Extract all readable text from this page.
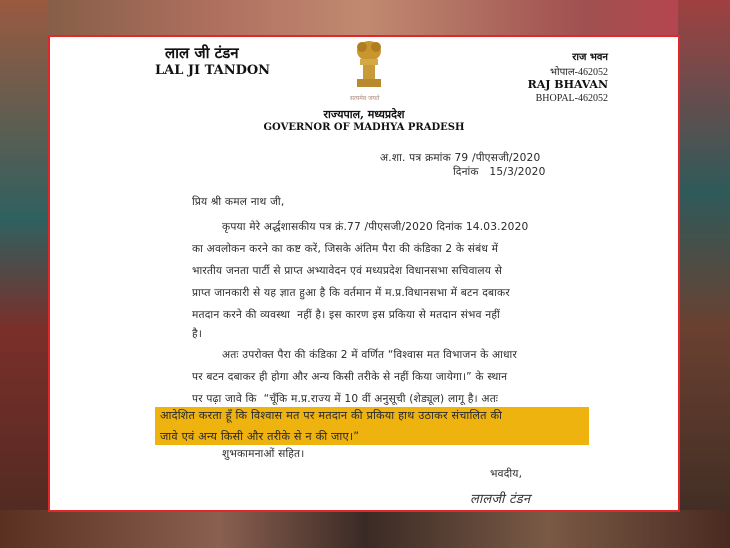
लाल जी टंडन
LAL JI TANDON
सत्यमेव जयते
राज भवन
भोपाल-462052
RAJ BHAVAN
BHOPAL-462052
राज्यपाल, मध्यप्रदेश
GOVERNOR OF MADHYA PRADESH
अ.शा. पत्र क्रमांक 79 /पीएसजी/2020
दिनांक   15/3/2020
प्रिय श्री कमल नाथ जी,
कृपया मेरे अर्द्धशासकीय पत्र क्रं.77 /पीएसजी/2020 दिनांक 14.03.2020
का अवलोकन करने का कष्ट करें, जिसके अंतिम पैरा की कंडिका 2 के संबंध में
भारतीय जनता पार्टी से प्राप्त अभ्यावेदन एवं मध्यप्रदेश विधानसभा सचिवालय से
प्राप्त जानकारी से यह ज्ञात हुआ है कि वर्तमान में म.प्र.विधानसभा में बटन दबाकर
मतदान करने की व्यवस्था  नहीं है। इस कारण इस प्रकिया से मतदान संभव नहीं
है।
अतः उपरोक्त पैरा की कंडिका 2 में वर्णित “विश्वास मत विभाजन के आधार
पर बटन दबाकर ही होगा और अन्य किसी तरीके से नहीं किया जायेगा।” के स्थान
पर पढ़ा जावे कि  “चूँकि म.प्र.राज्य में 10 वीं अनुसूची (शेड्यूल) लागू है। अतः
आदेशित करता हूँ कि विश्वास मत पर मतदान की प्रकिया हाथ उठाकर संचालित की
जावे एवं अन्य किसी और तरीके से न की जाए।”
शुभकामनाओं सहित।
भवदीय,
लालजी टंडन
